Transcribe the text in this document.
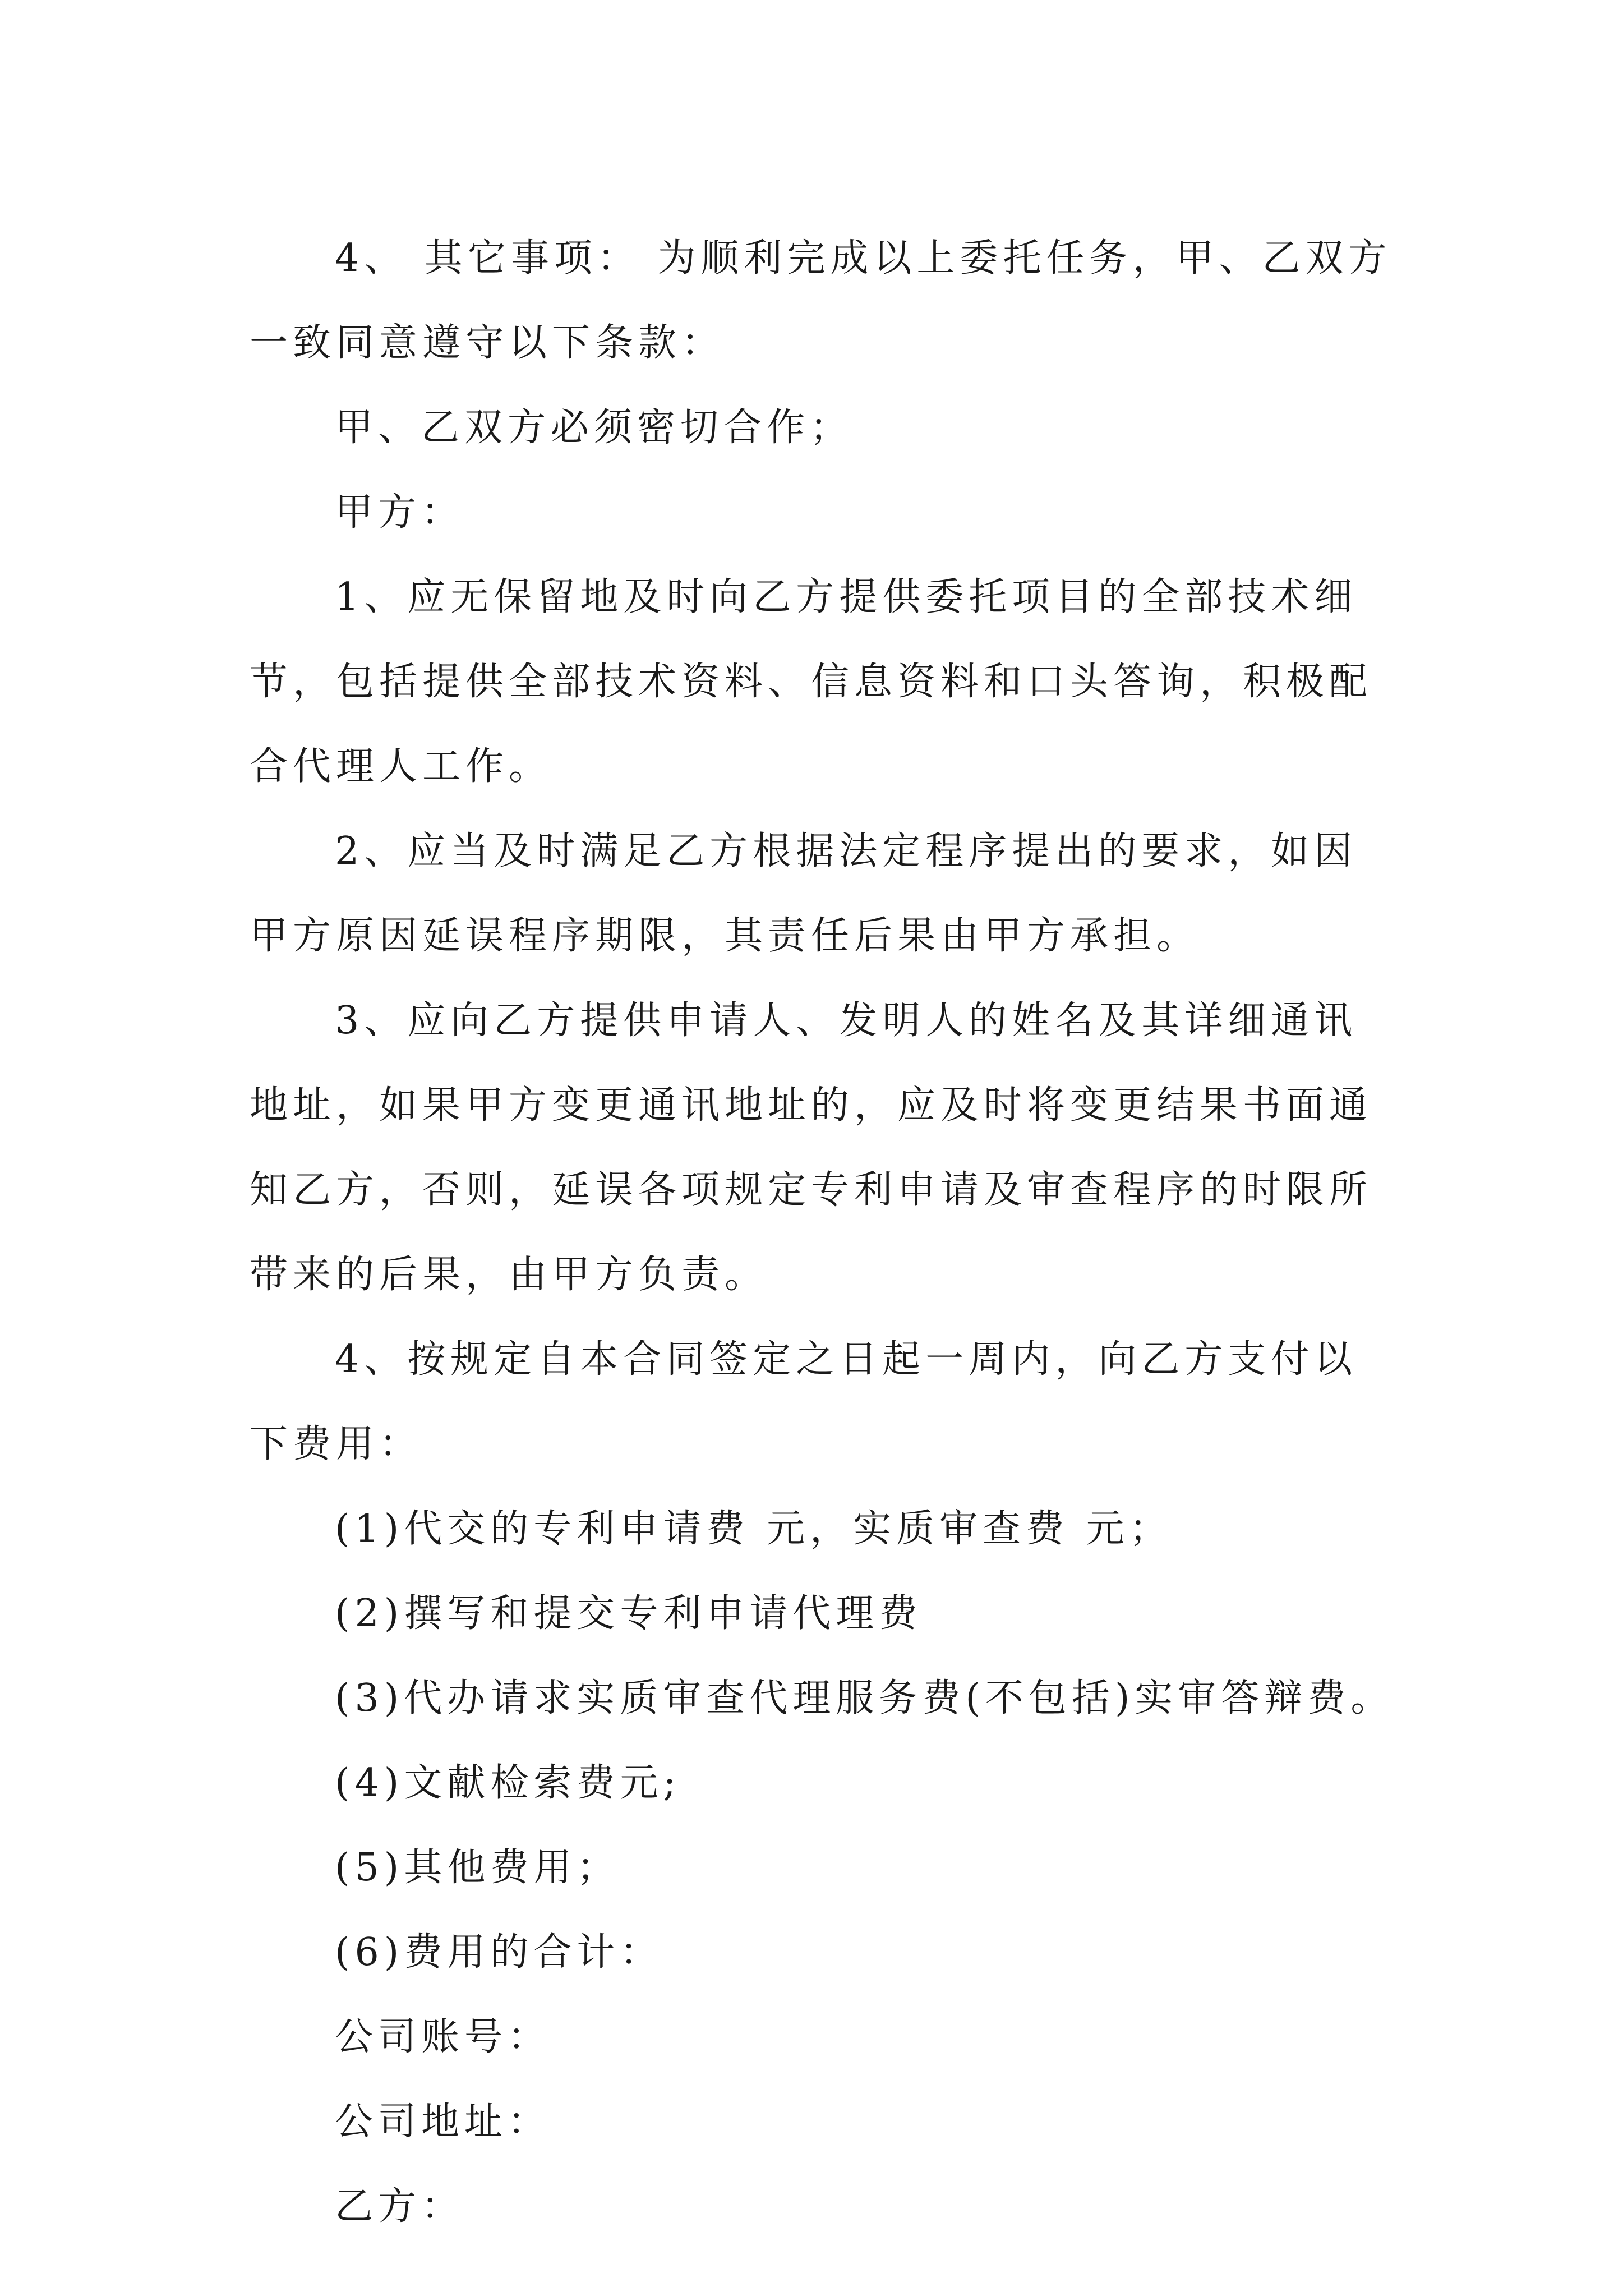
4、 其它事项： 为顺利完成以上委托任务，甲、乙双方一致同意遵守以下条款：

甲、乙双方必须密切合作；

甲方：

1、应无保留地及时向乙方提供委托项目的全部技术细节，包括提供全部技术资料、信息资料和口头答询，积极配合代理人工作。

2、应当及时满足乙方根据法定程序提出的要求，如因甲方原因延误程序期限，其责任后果由甲方承担。

3、应向乙方提供申请人、发明人的姓名及其详细通讯地址，如果甲方变更通讯地址的，应及时将变更结果书面通知乙方，否则，延误各项规定专利申请及审查程序的时限所带来的后果，由甲方负责。

4、按规定自本合同签定之日起一周内，向乙方支付以下费用：

(1)代交的专利申请费 元，实质审查费 元；

(2)撰写和提交专利申请代理费

(3)代办请求实质审查代理服务费(不包括)实审答辩费。

(4)文献检索费元;

(5)其他费用；

(6)费用的合计：

公司账号：

公司地址：

乙方：
